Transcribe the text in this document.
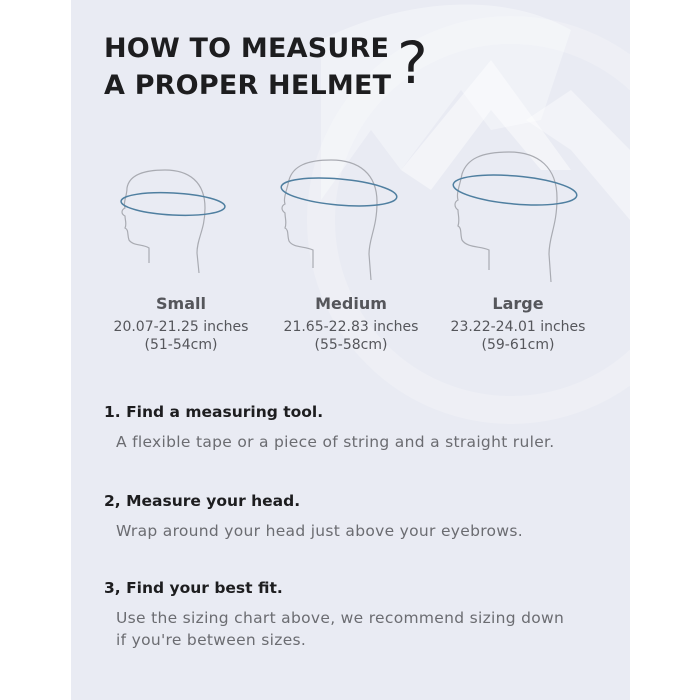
HOW TO MEASURE
A PROPER HELMET ?
Small
20.07-21.25 inches
(51-54cm)
Medium
21.65-22.83 inches
(55-58cm)
Large
23.22-24.01 inches
(59-61cm)
1. Find a measuring tool.
A flexible tape or a piece of string and a straight ruler.
2, Measure your head.
Wrap around your head just above your eyebrows.
3, Find your best fit.
Use the sizing chart above, we recommend sizing down
if you're between sizes.
